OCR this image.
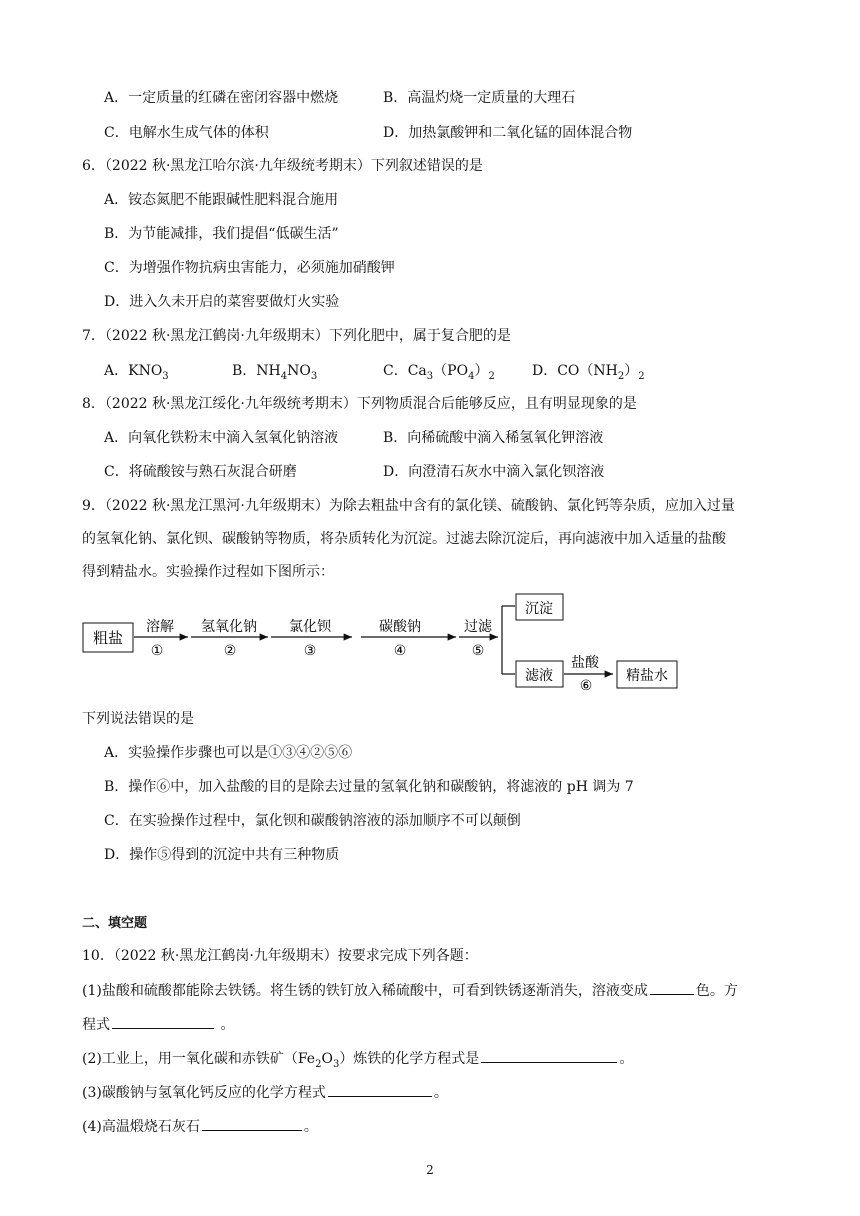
A．一定质量的红磷在密闭容器中燃烧	B．高温灼烧一定质量的大理石
C．电解水生成气体的体积	D．加热氯酸钾和二氧化锰的固体混合物
6．（2022 秋·黑龙江哈尔滨·九年级统考期末）下列叙述错误的是
A．铵态氮肥不能跟碱性肥料混合施用
B．为节能减排，我们提倡“低碳生活”
C．为增强作物抗病虫害能力，必须施加硝酸钾
D．进入久未开启的菜窖要做灯火实验
7．（2022 秋·黑龙江鹤岗·九年级期末）下列化肥中，属于复合肥的是
A．$KNO_3$	B．$NH_4NO_3$	C．$Ca_3(PO_4)_2$	D．$CO(NH_2)_2$
8．（2022 秋·黑龙江绥化·九年级统考期末）下列物质混合后能够反应，且有明显现象的是
A．向氧化铁粉末中滴入氢氧化钠溶液	B．向稀硫酸中滴入稀氢氧化钾溶液
C．将硫酸铵与熟石灰混合研磨	D．向澄清石灰水中滴入氯化钡溶液
9．（2022 秋·黑龙江黑河·九年级期末）为除去粗盐中含有的氯化镁、硫酸钠、氯化钙等杂质，应加入过量
的氢氧化钠、氯化钡、碳酸钠等物质，将杂质转化为沉淀。过滤去除沉淀后，再向滤液中加入适量的盐酸
得到精盐水。实验操作过程如下图所示：
粗盐
溶解
①
氢氧化钠
②
氯化钡
③
碳酸钠
④
过滤
⑤
沉淀
滤液
盐酸
⑥
精盐水
下列说法错误的是
A．实验操作步骤也可以是①③④②⑤⑥
B．操作⑥中，加入盐酸的目的是除去过量的氢氧化钠和碳酸钠，将滤液的 pH 调为 7
C．在实验操作过程中，氯化钡和碳酸钠溶液的添加顺序不可以颠倒
D．操作⑤得到的沉淀中共有三种物质
二、填空题
10．（2022 秋·黑龙江鹤岗·九年级期末）按要求完成下列各题：
(1)盐酸和硫酸都能除去铁锈。将生锈的铁钉放入稀硫酸中，可看到铁锈逐渐消失，溶液变成	色。方
程式	。
(2)工业上，用一氧化碳和赤铁矿$(Fe_2O_3)$炼铁的化学方程式是	。
(3)碳酸钠与氢氧化钙反应的化学方程式	。
(4)高温煅烧石灰石	。
2
